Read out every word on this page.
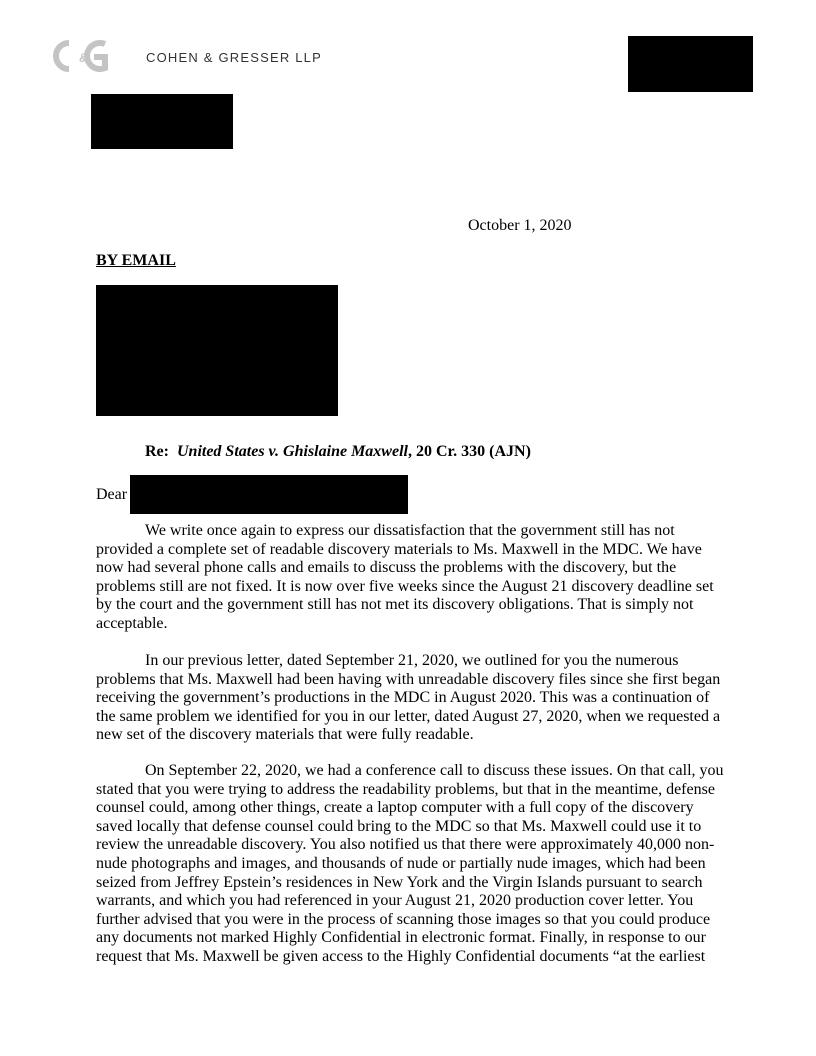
&	COHEN & GRESSER LLP
October 1, 2020
BY EMAIL
Re: United States v. Ghislaine Maxwell, 20 Cr. 330 (AJN)
Dear

We write once again to express our dissatisfaction that the government still has not
provided a complete set of readable discovery materials to Ms. Maxwell in the MDC. We have
now had several phone calls and emails to discuss the problems with the discovery, but the
problems still are not fixed. It is now over five weeks since the August 21 discovery deadline set
by the court and the government still has not met its discovery obligations. That is simply not
acceptable.

In our previous letter, dated September 21, 2020, we outlined for you the numerous
problems that Ms. Maxwell had been having with unreadable discovery files since she first began
receiving the government’s productions in the MDC in August 2020. This was a continuation of
the same problem we identified for you in our letter, dated August 27, 2020, when we requested a
new set of the discovery materials that were fully readable.

On September 22, 2020, we had a conference call to discuss these issues. On that call, you
stated that you were trying to address the readability problems, but that in the meantime, defense
counsel could, among other things, create a laptop computer with a full copy of the discovery
saved locally that defense counsel could bring to the MDC so that Ms. Maxwell could use it to
review the unreadable discovery. You also notified us that there were approximately 40,000 non-
nude photographs and images, and thousands of nude or partially nude images, which had been
seized from Jeffrey Epstein’s residences in New York and the Virgin Islands pursuant to search
warrants, and which you had referenced in your August 21, 2020 production cover letter. You
further advised that you were in the process of scanning those images so that you could produce
any documents not marked Highly Confidential in electronic format. Finally, in response to our
request that Ms. Maxwell be given access to the Highly Confidential documents “at the earliest
